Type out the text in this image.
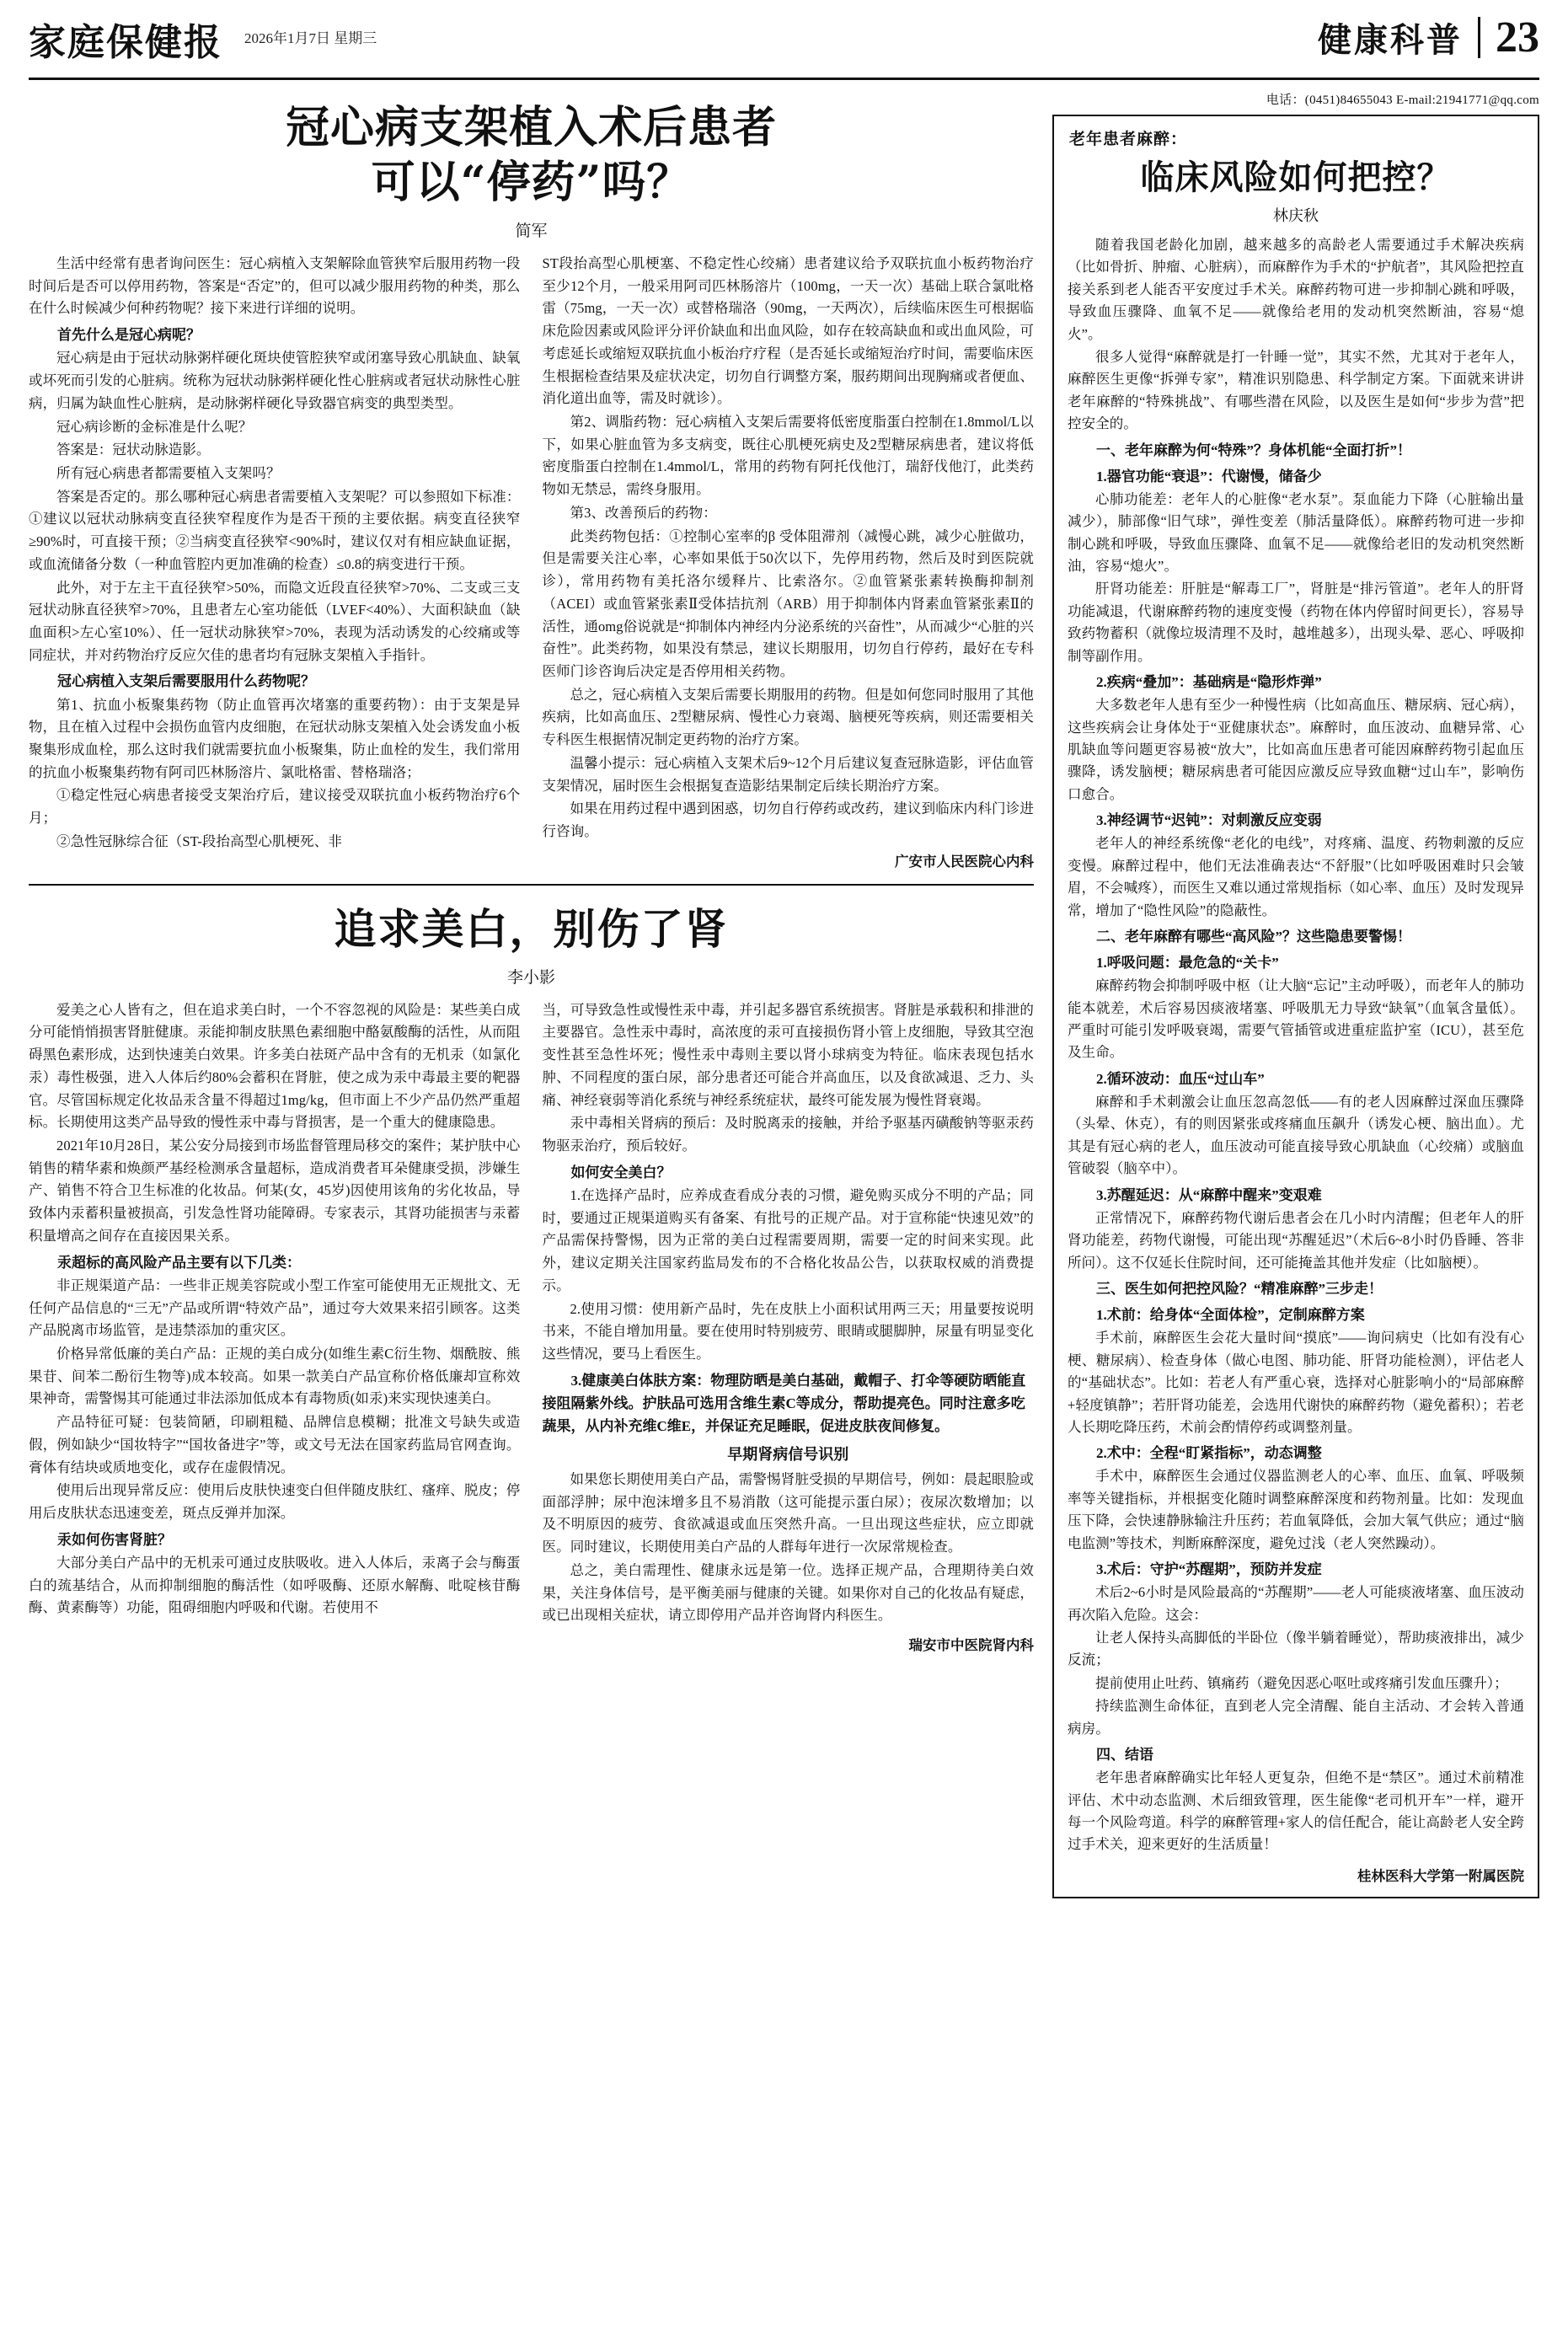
家庭保健报 2026年1月7日 星期三	健康科普 23
冠心病支架植入术后患者
可以“停药”吗？
简军

生活中经常有患者询问医生：冠心病植入支架解除血管狭窄后服用药物一段时间后是否可以停用药物，答案是“否定”的，但可以减少服用药物的种类，那么在什么时候减少何种药物呢？接下来进行详细的说明。

首先什么是冠心病呢？

冠心病是由于冠状动脉粥样硬化斑块使管腔狭窄或闭塞导致心肌缺血、缺氧或坏死而引发的心脏病。统称为冠状动脉粥样硬化性心脏病或者冠状动脉性心脏病，归属为缺血性心脏病，是动脉粥样硬化导致器官病变的典型类型。

冠心病诊断的金标准是什么呢？

答案是：冠状动脉造影。

所有冠心病患者都需要植入支架吗？

答案是否定的。那么哪种冠心病患者需要植入支架呢？可以参照如下标准：①建议以冠状动脉病变直径狭窄程度作为是否干预的主要依据。病变直径狭窄≥90%时，可直接干预；②当病变直径狭窄<90%时，建议仅对有相应缺血证据，或血流储备分数（一种血管腔内更加准确的检查）≤0.8的病变进行干预。

此外，对于左主干直径狭窄>50%，而隐文近段直径狭窄>70%、二支或三支冠状动脉直径狭窄>70%，且患者左心室功能低（LVEF<40%）、大面积缺血（缺血面积>左心室10%）、任一冠状动脉狭窄>70%，表现为活动诱发的心绞痛或等同症状，并对药物治疗反应欠佳的患者均有冠脉支架植入手指针。

冠心病植入支架后需要服用什么药物呢？

第1、抗血小板聚集药物（防止血管再次堵塞的重要药物）：由于支架是异物，且在植入过程中会损伤血管内皮细胞，在冠状动脉支架植入处会诱发血小板聚集形成血栓，那么这时我们就需要抗血小板聚集，防止血栓的发生，我们常用的抗血小板聚集药物有阿司匹林肠溶片、氯吡格雷、替格瑞洛；

①稳定性冠心病患者接受支架治疗后，建议接受双联抗血小板药物治疗6个月；

②急性冠脉综合征（ST-段抬高型心肌梗死、非

ST段抬高型心肌梗塞、不稳定性心绞痛）患者建议给予双联抗血小板药物治疗至少12个月，一般采用阿司匹林肠溶片（100mg，一天一次）基础上联合氯吡格雷（75mg，一天一次）或替格瑞洛（90mg，一天两次），后续临床医生可根据临床危险因素或风险评分评价缺血和出血风险，如存在较高缺血和或出血风险，可考虑延长或缩短双联抗血小板治疗疗程（是否延长或缩短治疗时间，需要临床医生根据检查结果及症状决定，切勿自行调整方案，服药期间出现胸痛或者便血、消化道出血等，需及时就诊）。

第2、调脂药物：冠心病植入支架后需要将低密度脂蛋白控制在1.8mmol/L以下，如果心脏血管为多支病变，既往心肌梗死病史及2型糖尿病患者，建议将低密度脂蛋白控制在1.4mmol/L，常用的药物有阿托伐他汀，瑞舒伐他汀，此类药物如无禁忌，需终身服用。

第3、改善预后的药物：

此类药物包括：①控制心室率的β 受体阻滞剂（减慢心跳，减少心脏做功，但是需要关注心率，心率如果低于50次以下，先停用药物，然后及时到医院就诊），常用药物有美托洛尔缓释片、比索洛尔。②血管紧张素转换酶抑制剂（ACEI）或血管紧张素Ⅱ受体拮抗剂（ARB）用于抑制体内肾素血管紧张素Ⅱ的活性，通omg俗说就是“抑制体内神经内分泌系统的兴奋性”，从而减少“心脏的兴奋性”。此类药物，如果没有禁忌，建议长期服用，切勿自行停药，最好在专科医师门诊咨询后决定是否停用相关药物。

总之，冠心病植入支架后需要长期服用的药物。但是如何您同时服用了其他疾病，比如高血压、2型糖尿病、慢性心力衰竭、脑梗死等疾病，则还需要相关专科医生根据情况制定更药物的治疗方案。

温馨小提示：冠心病植入支架术后9~12个月后建议复查冠脉造影，评估血管支架情况，届时医生会根据复查造影结果制定后续长期治疗方案。

如果在用药过程中遇到困惑，切勿自行停药或改药，建议到临床内科门诊进行咨询。

广安市人民医院心内科

追求美白，别伤了肾
李小影

爱美之心人皆有之，但在追求美白时，一个不容忽视的风险是：某些美白成分可能悄悄损害肾脏健康。汞能抑制皮肤黑色素细胞中酪氨酸酶的活性，从而阻碍黑色素形成，达到快速美白效果。许多美白祛斑产品中含有的无机汞（如氯化汞）毒性极强，进入人体后约80%会蓄积在肾脏，使之成为汞中毒最主要的靶器官。尽管国标规定化妆品汞含量不得超过1mg/kg，但市面上不少产品仍然严重超标。长期使用这类产品导致的慢性汞中毒与肾损害，是一个重大的健康隐患。

2021年10月28日，某公安分局接到市场监督管理局移交的案件；某护肤中心销售的精华素和焕颜严基经检测承含量超标，造成消费者耳朵健康受损，涉嫌生产、销售不符合卫生标准的化妆品。何某(女，45岁)因使用该角的劣化妆品，导致体内汞蓄积量被损高，引发急性肾功能障碍。专家表示，其肾功能损害与汞蓄积量增高之间存在直接因果关系。

汞超标的高风险产品主要有以下几类：

非正规渠道产品：一些非正规美容院或小型工作室可能使用无正规批文、无任何产品信息的“三无”产品或所谓“特效产品”，通过夸大效果来招引顾客。这类产品脱离市场监管，是违禁添加的重灾区。

价格异常低廉的美白产品：正规的美白成分(如维生素C衍生物、烟酰胺、熊果苷、间苯二酚衍生物等)成本较高。如果一款美白产品宣称价格低廉却宣称效果神奇，需警惕其可能通过非法添加低成本有毒物质(如汞)来实现快速美白。

产品特征可疑：包装简陋，印刷粗糙、品牌信息模糊；批准文号缺失或造假，例如缺少“国妆特字”“国妆备进字”等，或文号无法在国家药监局官网查询。膏体有结块或质地变化，或存在虚假情况。

使用后出现异常反应：使用后皮肤快速变白但伴随皮肤红、瘙痒、脱皮；停用后皮肤状态迅速变差，斑点反弹并加深。

汞如何伤害肾脏？

大部分美白产品中的无机汞可通过皮肤吸收。进入人体后，汞离子会与酶蛋白的巯基结合，从而抑制细胞的酶活性（如呼吸酶、还原水解酶、吡啶核苷酶酶、黄素酶等）功能，阻碍细胞内呼吸和代谢。若使用不

当，可导致急性或慢性汞中毒，并引起多器官系统损害。肾脏是承载积和排泄的主要器官。急性汞中毒时，高浓度的汞可直接损伤肾小管上皮细胞，导致其空泡变性甚至急性坏死；慢性汞中毒则主要以肾小球病变为特征。临床表现包括水肿、不同程度的蛋白尿，部分患者还可能合并高血压，以及食欲减退、乏力、头痛、神经衰弱等消化系统与神经系统症状，最终可能发展为慢性肾衰竭。

汞中毒相关肾病的预后：及时脱离汞的接触，并给予驱基丙磺酸钠等驱汞药物驱汞治疗，预后较好。

如何安全美白？

1.在选择产品时，应养成查看成分表的习惯，避免购买成分不明的产品；同时，要通过正规渠道购买有备案、有批号的正规产品。对于宣称能“快速见效”的产品需保持警惕，因为正常的美白过程需要周期，需要一定的时间来实现。此外，建议定期关注国家药监局发布的不合格化妆品公告，以获取权威的消费提示。

2.使用习惯：使用新产品时，先在皮肤上小面积试用两三天；用量要按说明书来，不能自增加用量。要在使用时特别疲劳、眼睛或腿脚肿，尿量有明显变化这些情况，要马上看医生。

3.健康美白体肤方案：物理防晒是美白基础，戴帽子、打伞等硬防晒能直接阻隔紫外线。护肤品可选用含维生素C等成分，帮助提亮色。同时注意多吃蔬果，从内补充维C维E，并保证充足睡眠，促进皮肤夜间修复。
早期肾病信号识别

如果您长期使用美白产品，需警惕肾脏受损的早期信号，例如：晨起眼脸或面部浮肿；尿中泡沫增多且不易消散（这可能提示蛋白尿）；夜尿次数增加；以及不明原因的疲劳、食欲减退或血压突然升高。一旦出现这些症状，应立即就医。同时建议，长期使用美白产品的人群每年进行一次尿常规检查。

总之，美白需理性、健康永远是第一位。选择正规产品，合理期待美白效果，关注身体信号，是平衡美丽与健康的关键。如果你对自己的化妆品有疑虑，或已出现相关症状，请立即停用产品并咨询肾内科医生。

瑞安市中医院肾内科

电话：(0451)84655043 E-mail:21941771@qq.com
老年患者麻醉：
临床风险如何把控？
林庆秋

随着我国老龄化加剧，越来越多的高龄老人需要通过手术解决疾病（比如骨折、肿瘤、心脏病），而麻醉作为手术的“护航者”，其风险把控直接关系到老人能否平安度过手术关。麻醉药物可进一步抑制心跳和呼吸，导致血压骤降、血氧不足——就像给老用的发动机突然断油，容易“熄火”。

很多人觉得“麻醉就是打一针睡一觉”，其实不然，尤其对于老年人，麻醉医生更像“拆弹专家”，精准识别隐患、科学制定方案。下面就来讲讲老年麻醉的“特殊挑战”、有哪些潜在风险，以及医生是如何“步步为营”把控安全的。

一、老年麻醉为何“特殊”？身体机能“全面打折”！
1.器官功能“衰退”：代谢慢，储备少

心肺功能差：老年人的心脏像“老水泵”。泵血能力下降（心脏输出量减少），肺部像“旧气球”，弹性变差（肺活量降低）。麻醉药物可进一步抑制心跳和呼吸，导致血压骤降、血氧不足——就像给老旧的发动机突然断油，容易“熄火”。

肝肾功能差：肝脏是“解毒工厂”，肾脏是“排污管道”。老年人的肝肾功能减退，代谢麻醉药物的速度变慢（药物在体内停留时间更长），容易导致药物蓄积（就像垃圾清理不及时，越堆越多），出现头晕、恶心、呼吸抑制等副作用。

2.疾病“叠加”：基础病是“隐形炸弹”

大多数老年人患有至少一种慢性病（比如高血压、糖尿病、冠心病），这些疾病会让身体处于“亚健康状态”。麻醉时，血压波动、血糖异常、心肌缺血等问题更容易被“放大”，比如高血压患者可能因麻醉药物引起血压骤降，诱发脑梗；糖尿病患者可能因应激反应导致血糖“过山车”，影响伤口愈合。

3.神经调节“迟钝”：对刺激反应变弱

老年人的神经系统像“老化的电线”，对疼痛、温度、药物刺激的反应变慢。麻醉过程中，他们无法准确表达“不舒服”（比如呼吸困难时只会皱眉，不会喊疼），而医生又难以通过常规指标（如心率、血压）及时发现异常，增加了“隐性风险”的隐蔽性。

二、老年麻醉有哪些“高风险”？这些隐患要警惕！
1.呼吸问题：最危急的“关卡”

麻醉药物会抑制呼吸中枢（让大脑“忘记”主动呼吸），而老年人的肺功能本就差，术后容易因痰液堵塞、呼吸肌无力导致“缺氧”（血氧含量低）。严重时可能引发呼吸衰竭，需要气管插管或进重症监护室（ICU），甚至危及生命。

2.循环波动：血压“过山车”

麻醉和手术刺激会让血压忽高忽低——有的老人因麻醉过深血压骤降（头晕、休克），有的则因紧张或疼痛血压飙升（诱发心梗、脑出血）。尤其是有冠心病的老人，血压波动可能直接导致心肌缺血（心绞痛）或脑血管破裂（脑卒中）。

3.苏醒延迟：从“麻醉中醒来”变艰难

正常情况下，麻醉药物代谢后患者会在几小时内清醒；但老年人的肝肾功能差，药物代谢慢，可能出现“苏醒延迟”（术后6~8小时仍昏睡、答非所问）。这不仅延长住院时间，还可能掩盖其他并发症（比如脑梗）。

三、医生如何把控风险？“精准麻醉”三步走！
1.术前：给身体“全面体检”，定制麻醉方案

手术前，麻醉医生会花大量时间“摸底”——询问病史（比如有没有心梗、糖尿病）、检查身体（做心电图、肺功能、肝肾功能检测），评估老人的“基础状态”。比如：若老人有严重心衰，选择对心脏影响小的“局部麻醉+轻度镇静”；若肝肾功能差，会选用代谢快的麻醉药物（避免蓄积）；若老人长期吃降压药，术前会酌情停药或调整剂量。

2.术中：全程“盯紧指标”，动态调整

手术中，麻醉医生会通过仪器监测老人的心率、血压、血氧、呼吸频率等关键指标，并根据变化随时调整麻醉深度和药物剂量。比如：发现血压下降，会快速静脉输注升压药；若血氧降低，会加大氧气供应；通过“脑电监测”等技术，判断麻醉深度，避免过浅（老人突然躁动）。

3.术后：守护“苏醒期”，预防并发症

术后2~6小时是风险最高的“苏醒期”——老人可能痰液堵塞、血压波动再次陷入危险。这会：

让老人保持头高脚低的半卧位（像半躺着睡觉），帮助痰液排出，减少反流；

提前使用止吐药、镇痛药（避免因恶心呕吐或疼痛引发血压骤升）；

持续监测生命体征，直到老人完全清醒、能自主活动、才会转入普通病房。

四、结语

老年患者麻醉确实比年轻人更复杂，但绝不是“禁区”。通过术前精准评估、术中动态监测、术后细致管理，医生能像“老司机开车”一样，避开每一个风险弯道。科学的麻醉管理+家人的信任配合，能让高龄老人安全跨过手术关，迎来更好的生活质量！

桂林医科大学第一附属医院
